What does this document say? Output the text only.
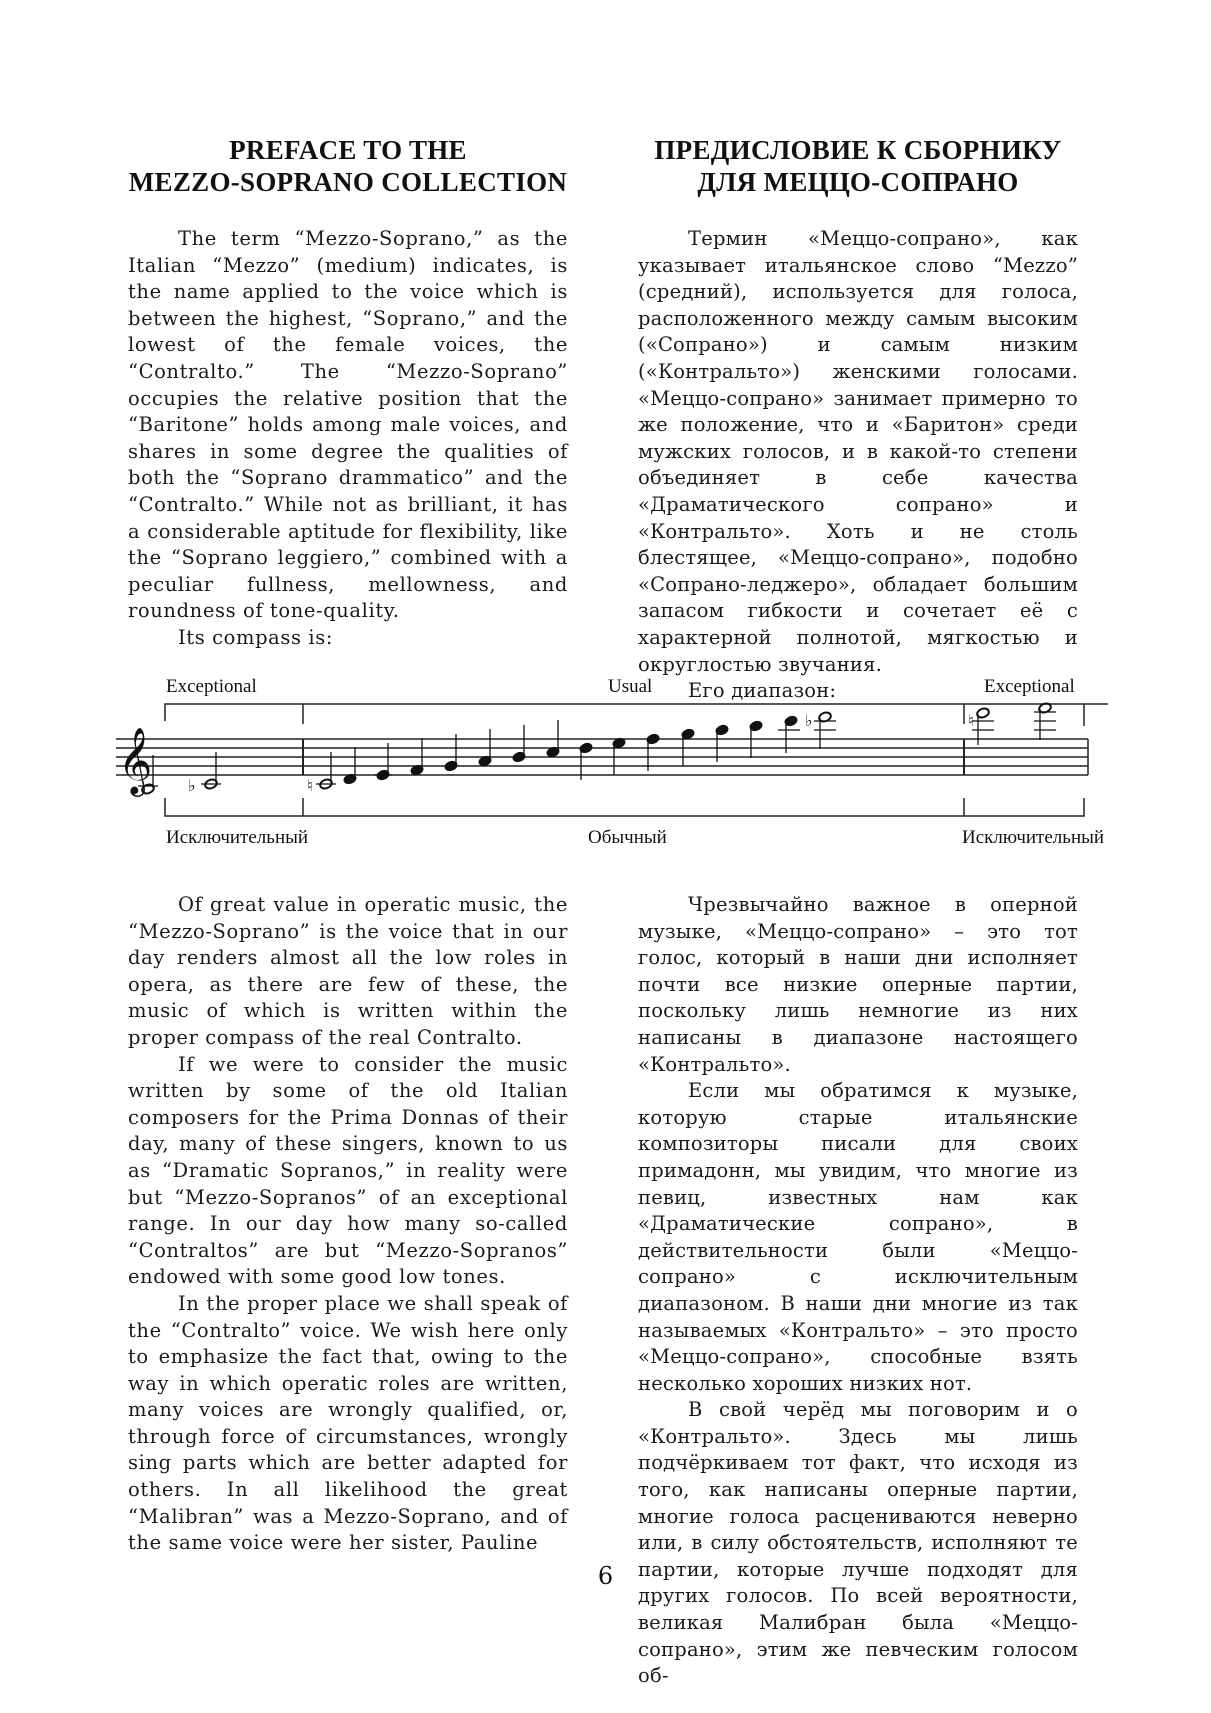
PREFACE TO THE
MEZZO-SOPRANO COLLECTION
ПРЕДИСЛОВИЕ К СБОРНИКУ
ДЛЯ МЕЦЦО-СОПРАНО

The term “Mezzo-Soprano,” as the Italian “Mezzo” (medium) indicates, is the name applied to the voice which is between the highest, “Soprano,” and the lowest of the female voices, the “Contralto.” The “Mezzo-Soprano” occupies the relative position that the “Baritone” holds among male voices, and shares in some degree the qualities of both the “Soprano drammatico” and the “Contralto.” While not as brilliant, it has a considerable aptitude for flexibility, like the “Soprano leggiero,” combined with a peculiar fullness, mellowness, and roundness of tone-quality.

Its compass is:

Термин «Меццо-сопрано», как указывает итальянское слово “Mezzo” (средний), используется для голоса, расположенного между самым высоким («Сопрано») и самым низким («Контральто») женскими голосами. «Меццо-сопрано» занимает примерно то же положение, что и «Баритон» среди мужских голосов, и в какой-то степени объединяет в себе качества «Драматического сопрано» и «Контральто». Хоть и не столь блестящее, «Меццо-сопрано», подобно «Сопрано-леджеро», обладает большим запасом гибкости и сочетает её с характерной полнотой, мягкостью и округлостью звучания.

Его диапазон:

Exceptional	Usual	Exceptional
𝄞 ♭	♮
♭	♮
Исключительный	Обычный	Исключительный

Of great value in operatic music, the “Mezzo-Soprano” is the voice that in our day renders almost all the low roles in opera, as there are few of these, the music of which is written within the proper compass of the real Contralto.

If we were to consider the music written by some of the old Italian composers for the Prima Donnas of their day, many of these singers, known to us as “Dramatic Sopranos,” in reality were but “Mezzo-Sopranos” of an exceptional range. In our day how many so-called “Contraltos” are but “Mezzo-Sopranos” endowed with some good low tones.

In the proper place we shall speak of the “Contralto” voice. We wish here only to emphasize the fact that, owing to the way in which operatic roles are written, many voices are wrongly qualified, or, through force of circumstances, wrongly sing parts which are better adapted for others. In all likelihood the great “Malibran” was a Mezzo-Soprano, and of the same voice were her sister, Pauline

Чрезвычайно важное в оперной музыке, «Меццо-сопрано» – это тот голос, который в наши дни исполняет почти все низкие оперные партии, поскольку лишь немногие из них написаны в диапазоне настоящего «Контральто».

Если мы обратимся к музыке, которую старые итальянские композиторы писали для своих примадонн, мы увидим, что многие из певиц, известных нам как «Драматические сопрано», в действительности были «Меццо-сопрано» с исключительным диапазоном. В наши дни многие из так называемых «Контральто» – это просто «Меццо-сопрано», способные взять несколько хороших низких нот.

В свой черёд мы поговорим и о «Контральто». Здесь мы лишь подчёркиваем тот факт, что исходя из того, как написаны оперные партии, многие голоса расцениваются неверно или, в силу обстоятельств, исполняют те партии, которые лучше подходят для других голосов. По всей вероятности, великая Малибран была «Меццо-сопрано», этим же певческим голосом об-

6
